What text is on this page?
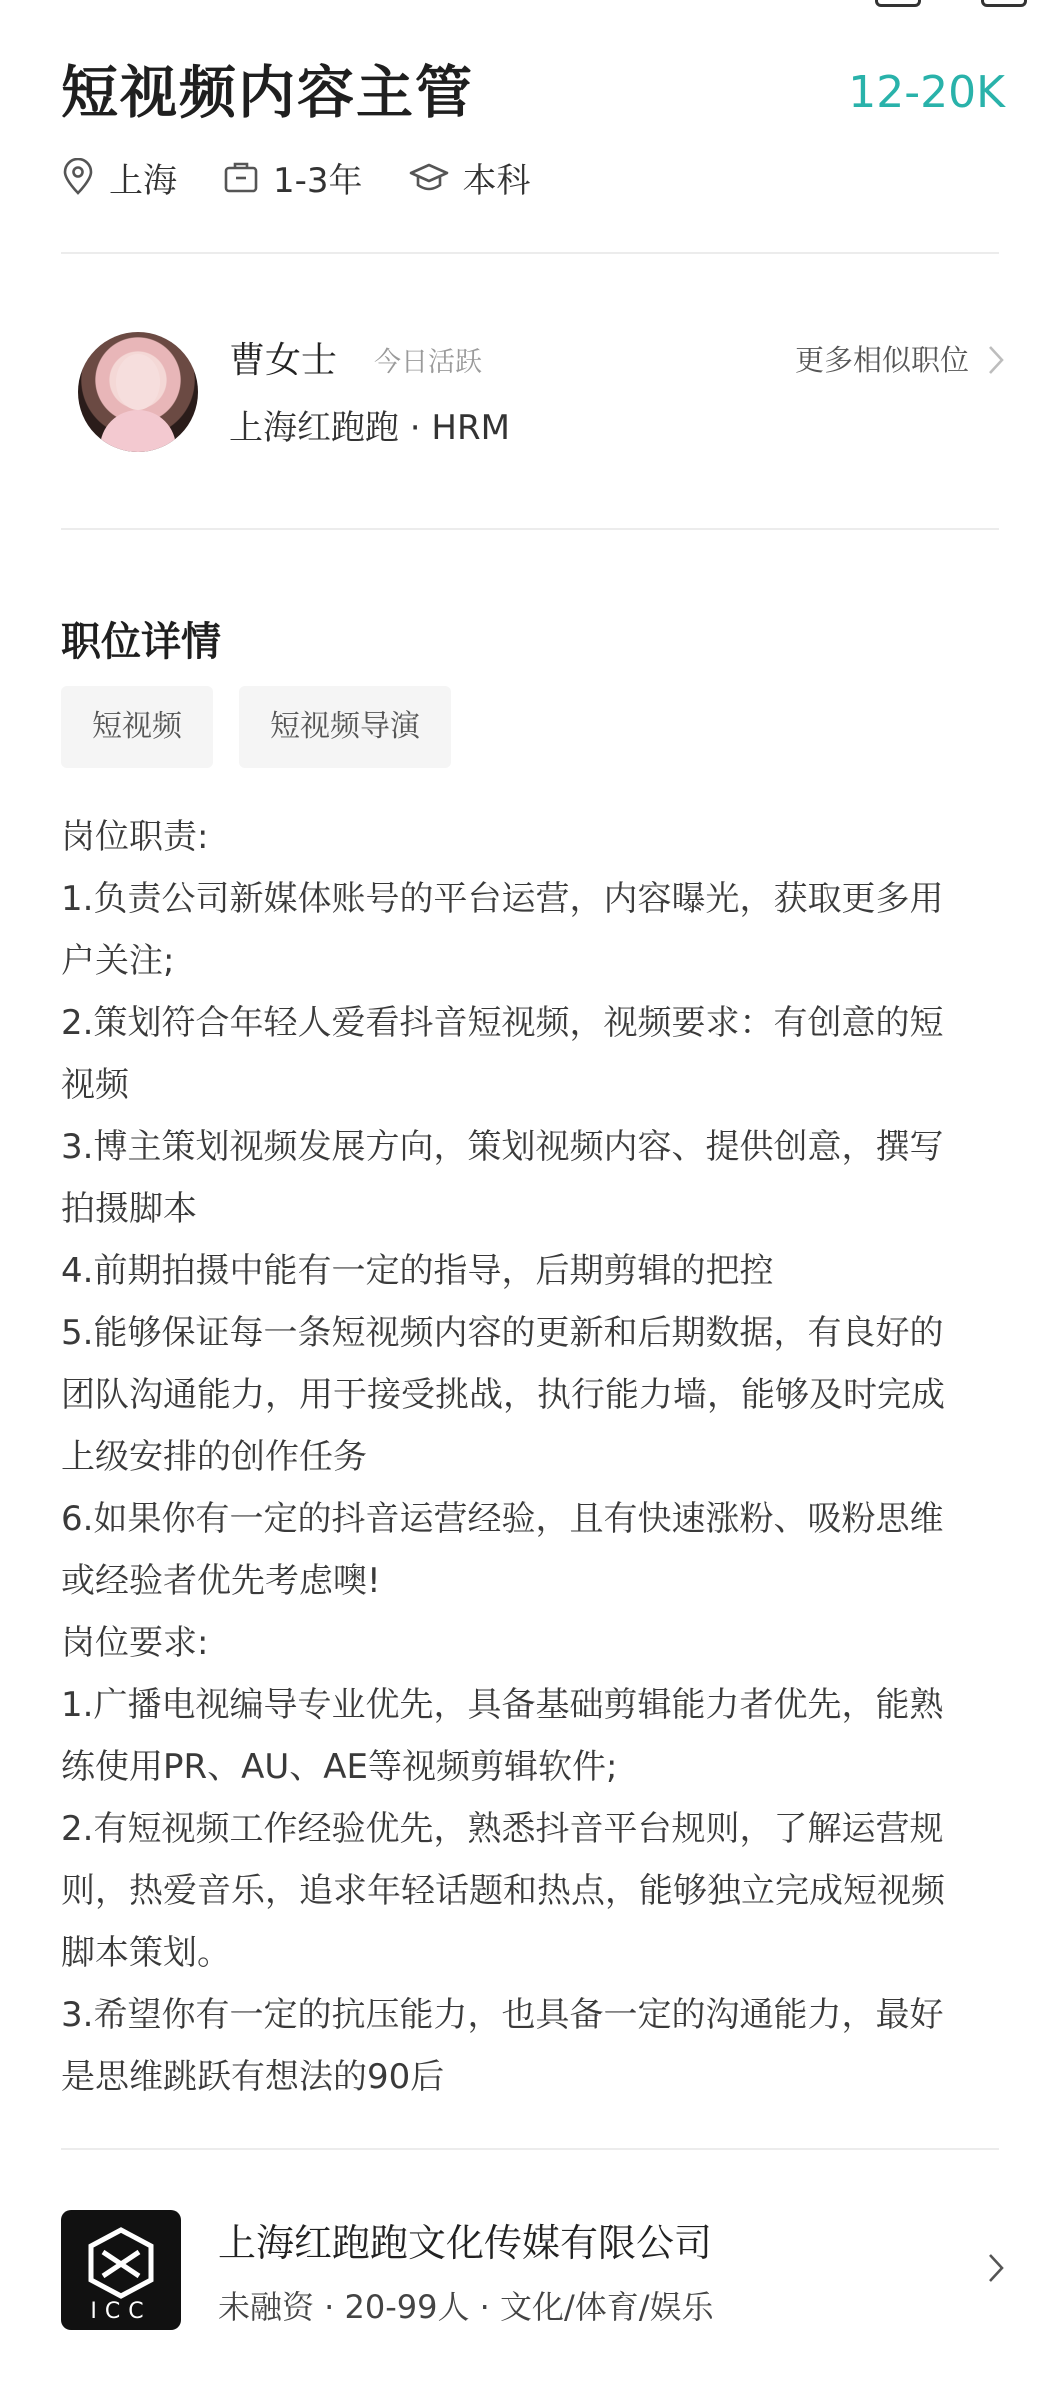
短视频内容主管	12-20K
上海	1-3年	本科
曹女士 今日活跃
上海红跑跑 · HRM
更多相似职位
职位详情
短视频	短视频导演
岗位职责:
1.负责公司新媒体账号的平台运营，内容曝光，获取更多用
户关注;
2.策划符合年轻人爱看抖音短视频，视频要求：有创意的短
视频
3.博主策划视频发展方向，策划视频内容、提供创意，撰写
拍摄脚本
4.前期拍摄中能有一定的指导，后期剪辑的把控
5.能够保证每一条短视频内容的更新和后期数据，有良好的
团队沟通能力，用于接受挑战，执行能力墙，能够及时完成
上级安排的创作任务
6.如果你有一定的抖音运营经验，且有快速涨粉、吸粉思维
或经验者优先考虑噢!
岗位要求:
1.广播电视编导专业优先，具备基础剪辑能力者优先，能熟
练使用PR、AU、AE等视频剪辑软件;
2.有短视频工作经验优先，熟悉抖音平台规则，了解运营规
则，热爱音乐，追求年轻话题和热点，能够独立完成短视频
脚本策划。
3.希望你有一定的抗压能力，也具备一定的沟通能力，最好
是思维跳跃有想法的90后
ICC
上海红跑跑文化传媒有限公司
未融资 · 20-99人 · 文化/体育/娱乐
